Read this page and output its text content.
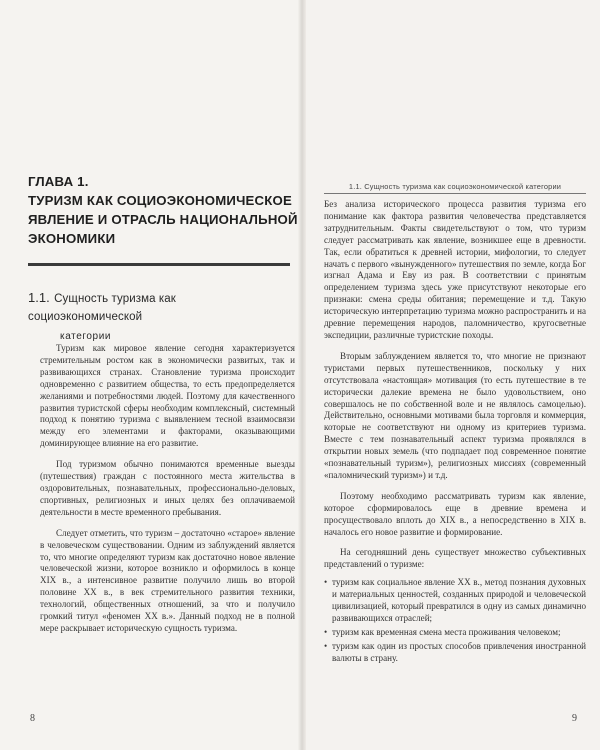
ГЛАВА 1.
ТУРИЗМ КАК СОЦИОЭКОНОМИЧЕСКОЕ
ЯВЛЕНИЕ И ОТРАСЛЬ НАЦИОНАЛЬНОЙ
ЭКОНОМИКИ
1.1. Сущность туризма как социоэкономической
категории

Туризм как мировое явление сегодня характеризуется стремительным ростом как в экономически развитых, так и развивающихся странах. Становление туризма происходит одновременно с развитием общества, то есть предопределяется желаниями и потребностями людей. Поэтому для качественного развития туристской сферы необходим комплексный, системный подход к понятию туризма с выявлением тесной взаимосвязи между его элементами и факторами, оказывающими доминирующее влияние на его развитие.

Под туризмом обычно понимаются временные выезды (путешествия) граждан с постоянного места жительства в оздоровительных, познавательных, профессионально-деловых, спортивных, религиозных и иных целях без оплачиваемой деятельности в месте временного пребывания.

Следует отметить, что туризм – достаточно «старое» явление в человеческом существовании. Одним из заблуждений является то, что многие определяют туризм как достаточно новое явление человеческой жизни, которое возникло и оформилось в конце XIX в., а интенсивное развитие получило лишь во второй половине XX в., в век стремительного развития техники, технологий, общественных отношений, за что и получило громкий титул «феномен XX в.». Данный подход не в полной мере раскрывает историческую сущность туризма.

8
1.1. Сущность туризма как социоэкономической категории

Без анализа исторического процесса развития туризма его понимание как фактора развития человечества представляется затруднительным. Факты свидетельствуют о том, что туризм следует рассматривать как явление, возникшее еще в древности. Так, если обратиться к древней истории, мифологии, то следует начать с первого «вынужденного» путешествия по земле, когда Бог изгнал Адама и Еву из рая. В соответствии с принятым определением туризма здесь уже присутствуют некоторые его признаки: смена среды обитания; перемещение и т.д. Такую историческую интерпретацию туризма можно распространить и на древние перемещения народов, паломничество, кругосветные экспедиции, различные туристские походы.

Вторым заблуждением является то, что многие не признают туристами первых путешественников, поскольку у них отсутствовала «настоящая» мотивация (то есть путешествие в те исторически далекие времена не было удовольствием, оно совершалось не по собственной воле и не являлось самоцелью). Действительно, основными мотивами была торговля и коммерция, которые не соответствуют ни одному из критериев туризма. Вместе с тем познавательный аспект туризма проявлялся в открытии новых земель (что подпадает под современное понятие «познавательный туризм»), религиозных миссиях (современный «паломнический туризм») и т.д.

Поэтому необходимо рассматривать туризм как явление, которое сформировалось еще в древние времена и просуществовало вплоть до XIX в., а непосредственно в XIX в. началось его новое развитие и формирование.

На сегодняшний день существует множество субъективных представлений о туризме:

• туризм как социальное явление XX в., метод познания духовных и материальных ценностей, созданных природой и человеческой цивилизацией, который превратился в одну из самых динамично развивающихся отраслей;
• туризм как временная смена места проживания человеком;
• туризм как один из простых способов привлечения иностранной валюты в страну.
9
